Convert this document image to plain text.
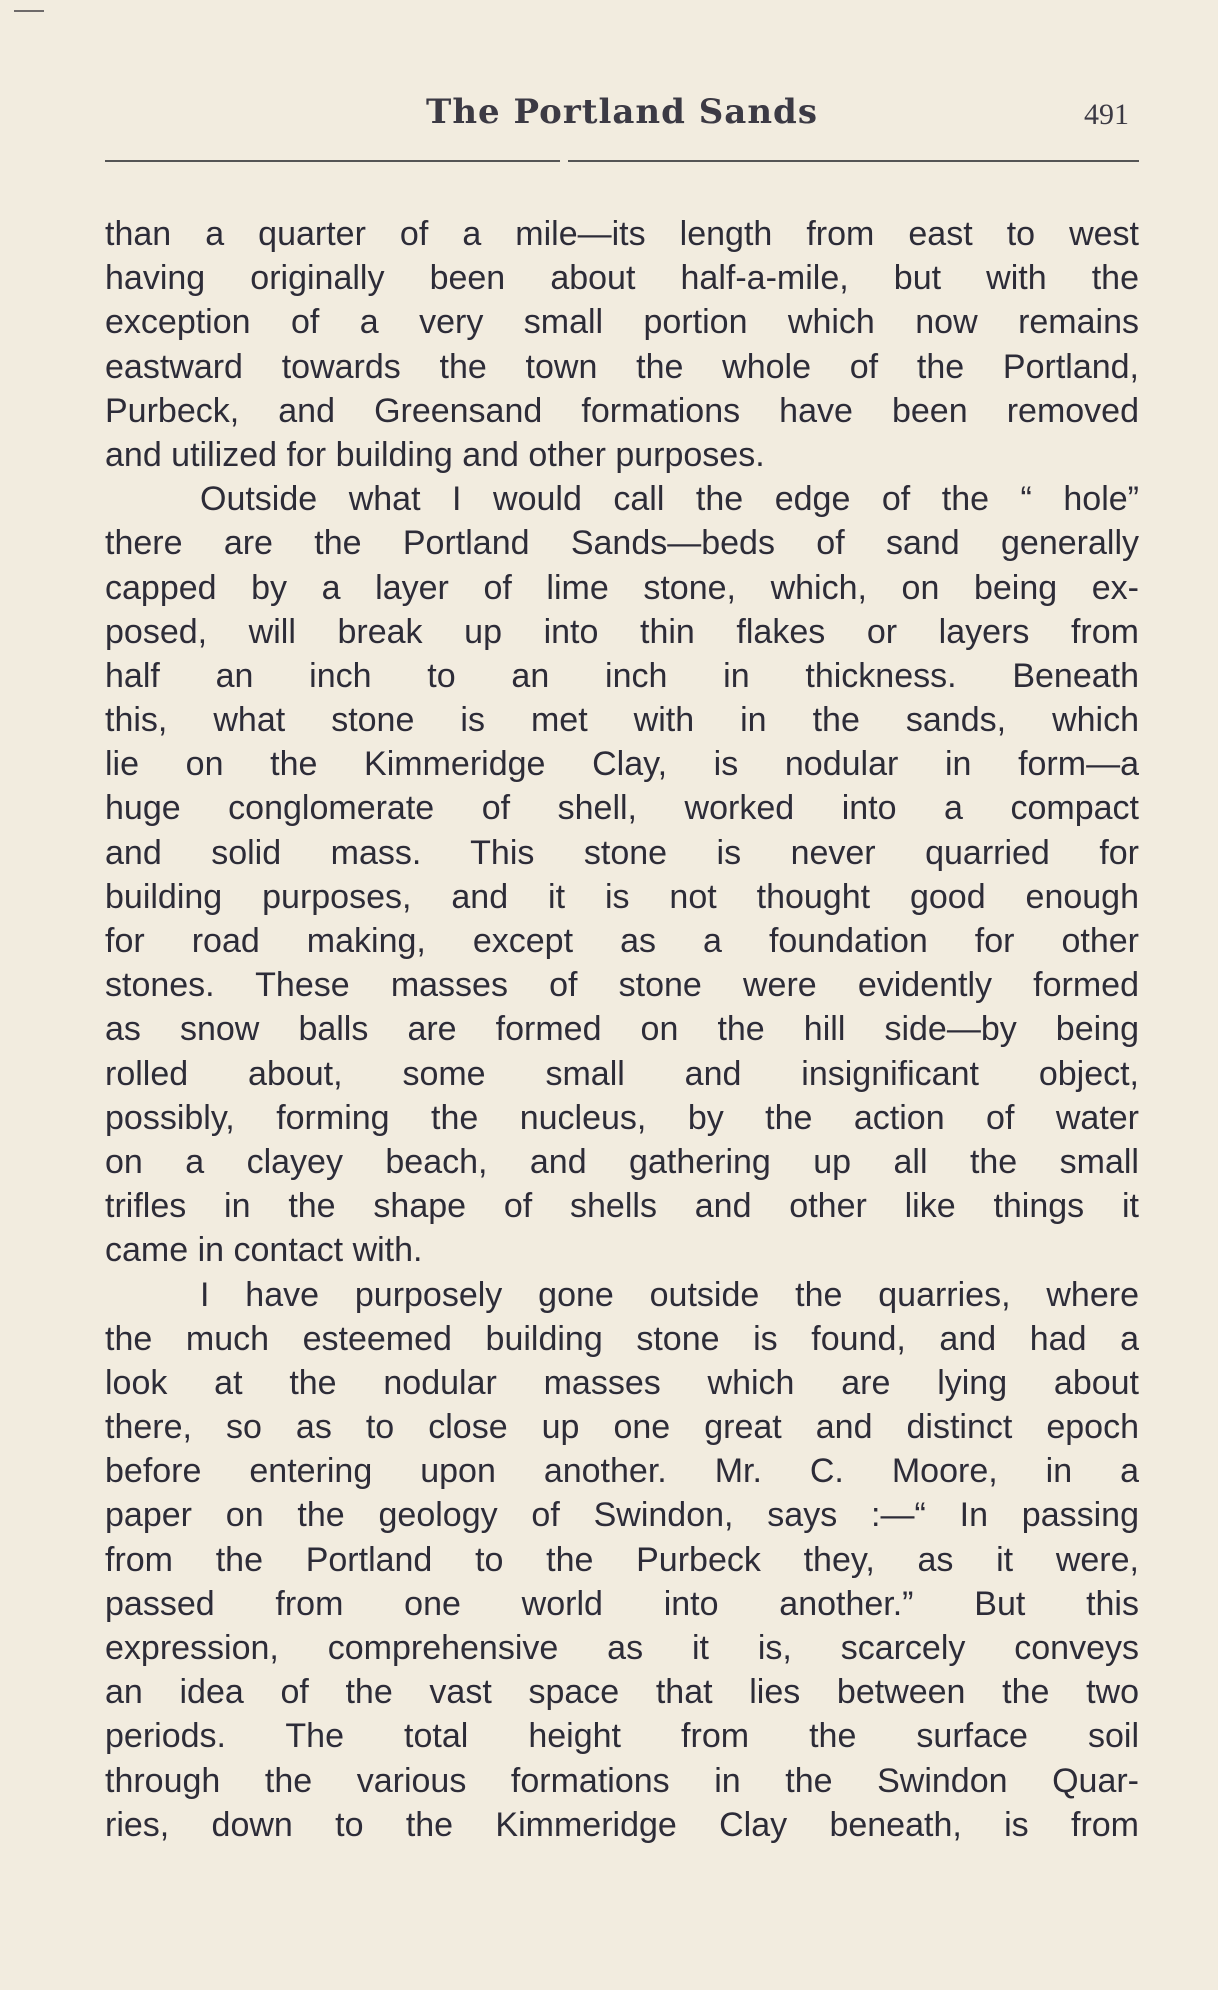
The Portland Sands	491
than a quarter of a mile—its length from east to west
having originally been about half-a-mile, but with the
exception of a very small portion which now remains
eastward towards the town the whole of the Portland,
Purbeck, and Greensand formations have been removed
and utilized for building and other purposes.
Outside what I would call the edge of the “ hole”
there are the Portland Sands—beds of sand generally
capped by a layer of lime stone, which, on being ex-
posed, will break up into thin flakes or layers from
half an inch to an inch in thickness. Beneath
this, what stone is met with in the sands, which
lie on the Kimmeridge Clay, is nodular in form—a
huge conglomerate of shell, worked into a compact
and solid mass. This stone is never quarried for
building purposes, and it is not thought good enough
for road making, except as a foundation for other
stones. These masses of stone were evidently formed
as snow balls are formed on the hill side—by being
rolled about, some small and insignificant object,
possibly, forming the nucleus, by the action of water
on a clayey beach, and gathering up all the small
trifles in the shape of shells and other like things it
came in contact with.
I have purposely gone outside the quarries, where
the much esteemed building stone is found, and had a
look at the nodular masses which are lying about
there, so as to close up one great and distinct epoch
before entering upon another. Mr. C. Moore, in a
paper on the geology of Swindon, says :—“ In passing
from the Portland to the Purbeck they, as it were,
passed from one world into another.” But this
expression, comprehensive as it is, scarcely conveys
an idea of the vast space that lies between the two
periods. The total height from the surface soil
through the various formations in the Swindon Quar-
ries, down to the Kimmeridge Clay beneath, is from
